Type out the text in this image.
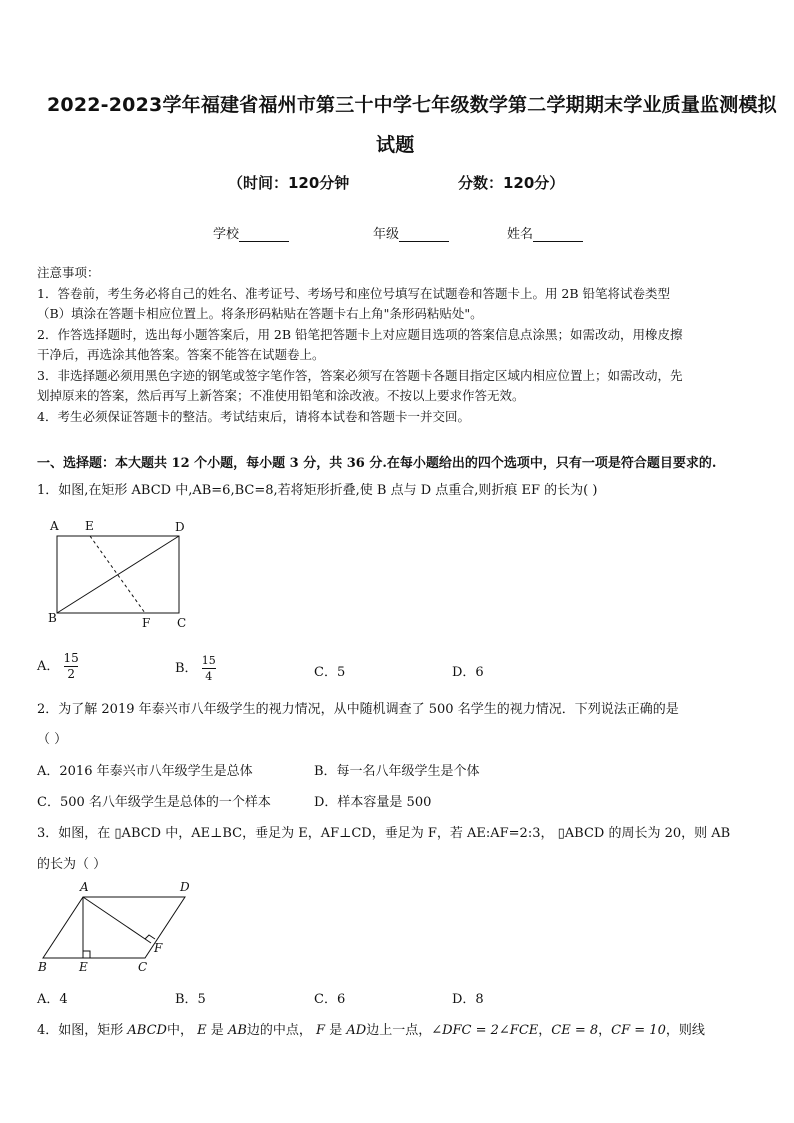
2022-2023学年福建省福州市第三十中学七年级数学第二学期期末学业质量监测模拟
试题
（时间：120分钟	分数：120分）
学校	年级	姓名
注意事项：
1．答卷前，考生务必将自己的姓名、准考证号、考场号和座位号填写在试题卷和答题卡上。用 2B 铅笔将试卷类型
（B）填涂在答题卡相应位置上。将条形码粘贴在答题卡右上角"条形码粘贴处"。
2．作答选择题时，选出每小题答案后，用 2B 铅笔把答题卡上对应题目选项的答案信息点涂黑；如需改动，用橡皮擦
干净后，再选涂其他答案。答案不能答在试题卷上。
3．非选择题必须用黑色字迹的钢笔或签字笔作答，答案必须写在答题卡各题目指定区域内相应位置上；如需改动，先
划掉原来的答案，然后再写上新答案；不准使用铅笔和涂改液。不按以上要求作答无效。
4．考生必须保证答题卡的整洁。考试结束后，请将本试卷和答题卡一并交回。
一、选择题：本大题共 12 个小题，每小题 3 分，共 36 分.在每小题给出的四个选项中，只有一项是符合题目要求的.
1．如图,在矩形 ABCD 中,AB=6,BC=8,若将矩形折叠,使 B 点与 D 点重合,则折痕 EF 的长为( )
A E	D
B	F C
A． $\frac{15}{2}$	B． $\frac{15}{4}$	C．5	D．6
2．为了解 2019 年泰兴市八年级学生的视力情况，从中随机调查了 500 名学生的视力情况．下列说法正确的是
（ ）
A．2016 年泰兴市八年级学生是总体	B．每一名八年级学生是个体
C．500 名八年级学生是总体的一个样本	D．样本容量是 500
3．如图，在 ▯ABCD 中，AE⊥BC，垂足为 E，AF⊥CD，垂足为 F，若 AE:AF=2:3， ▯ABCD 的周长为 20，则 AB
的长为（ ）
A	D
B	E	C
F
A．4	B．5	C．6	D．8
4．如图，矩形 ABCD中， E 是 AB边的中点， F 是 AD边上一点，∠DFC = 2∠FCE，CE = 8，CF = 10，则线
